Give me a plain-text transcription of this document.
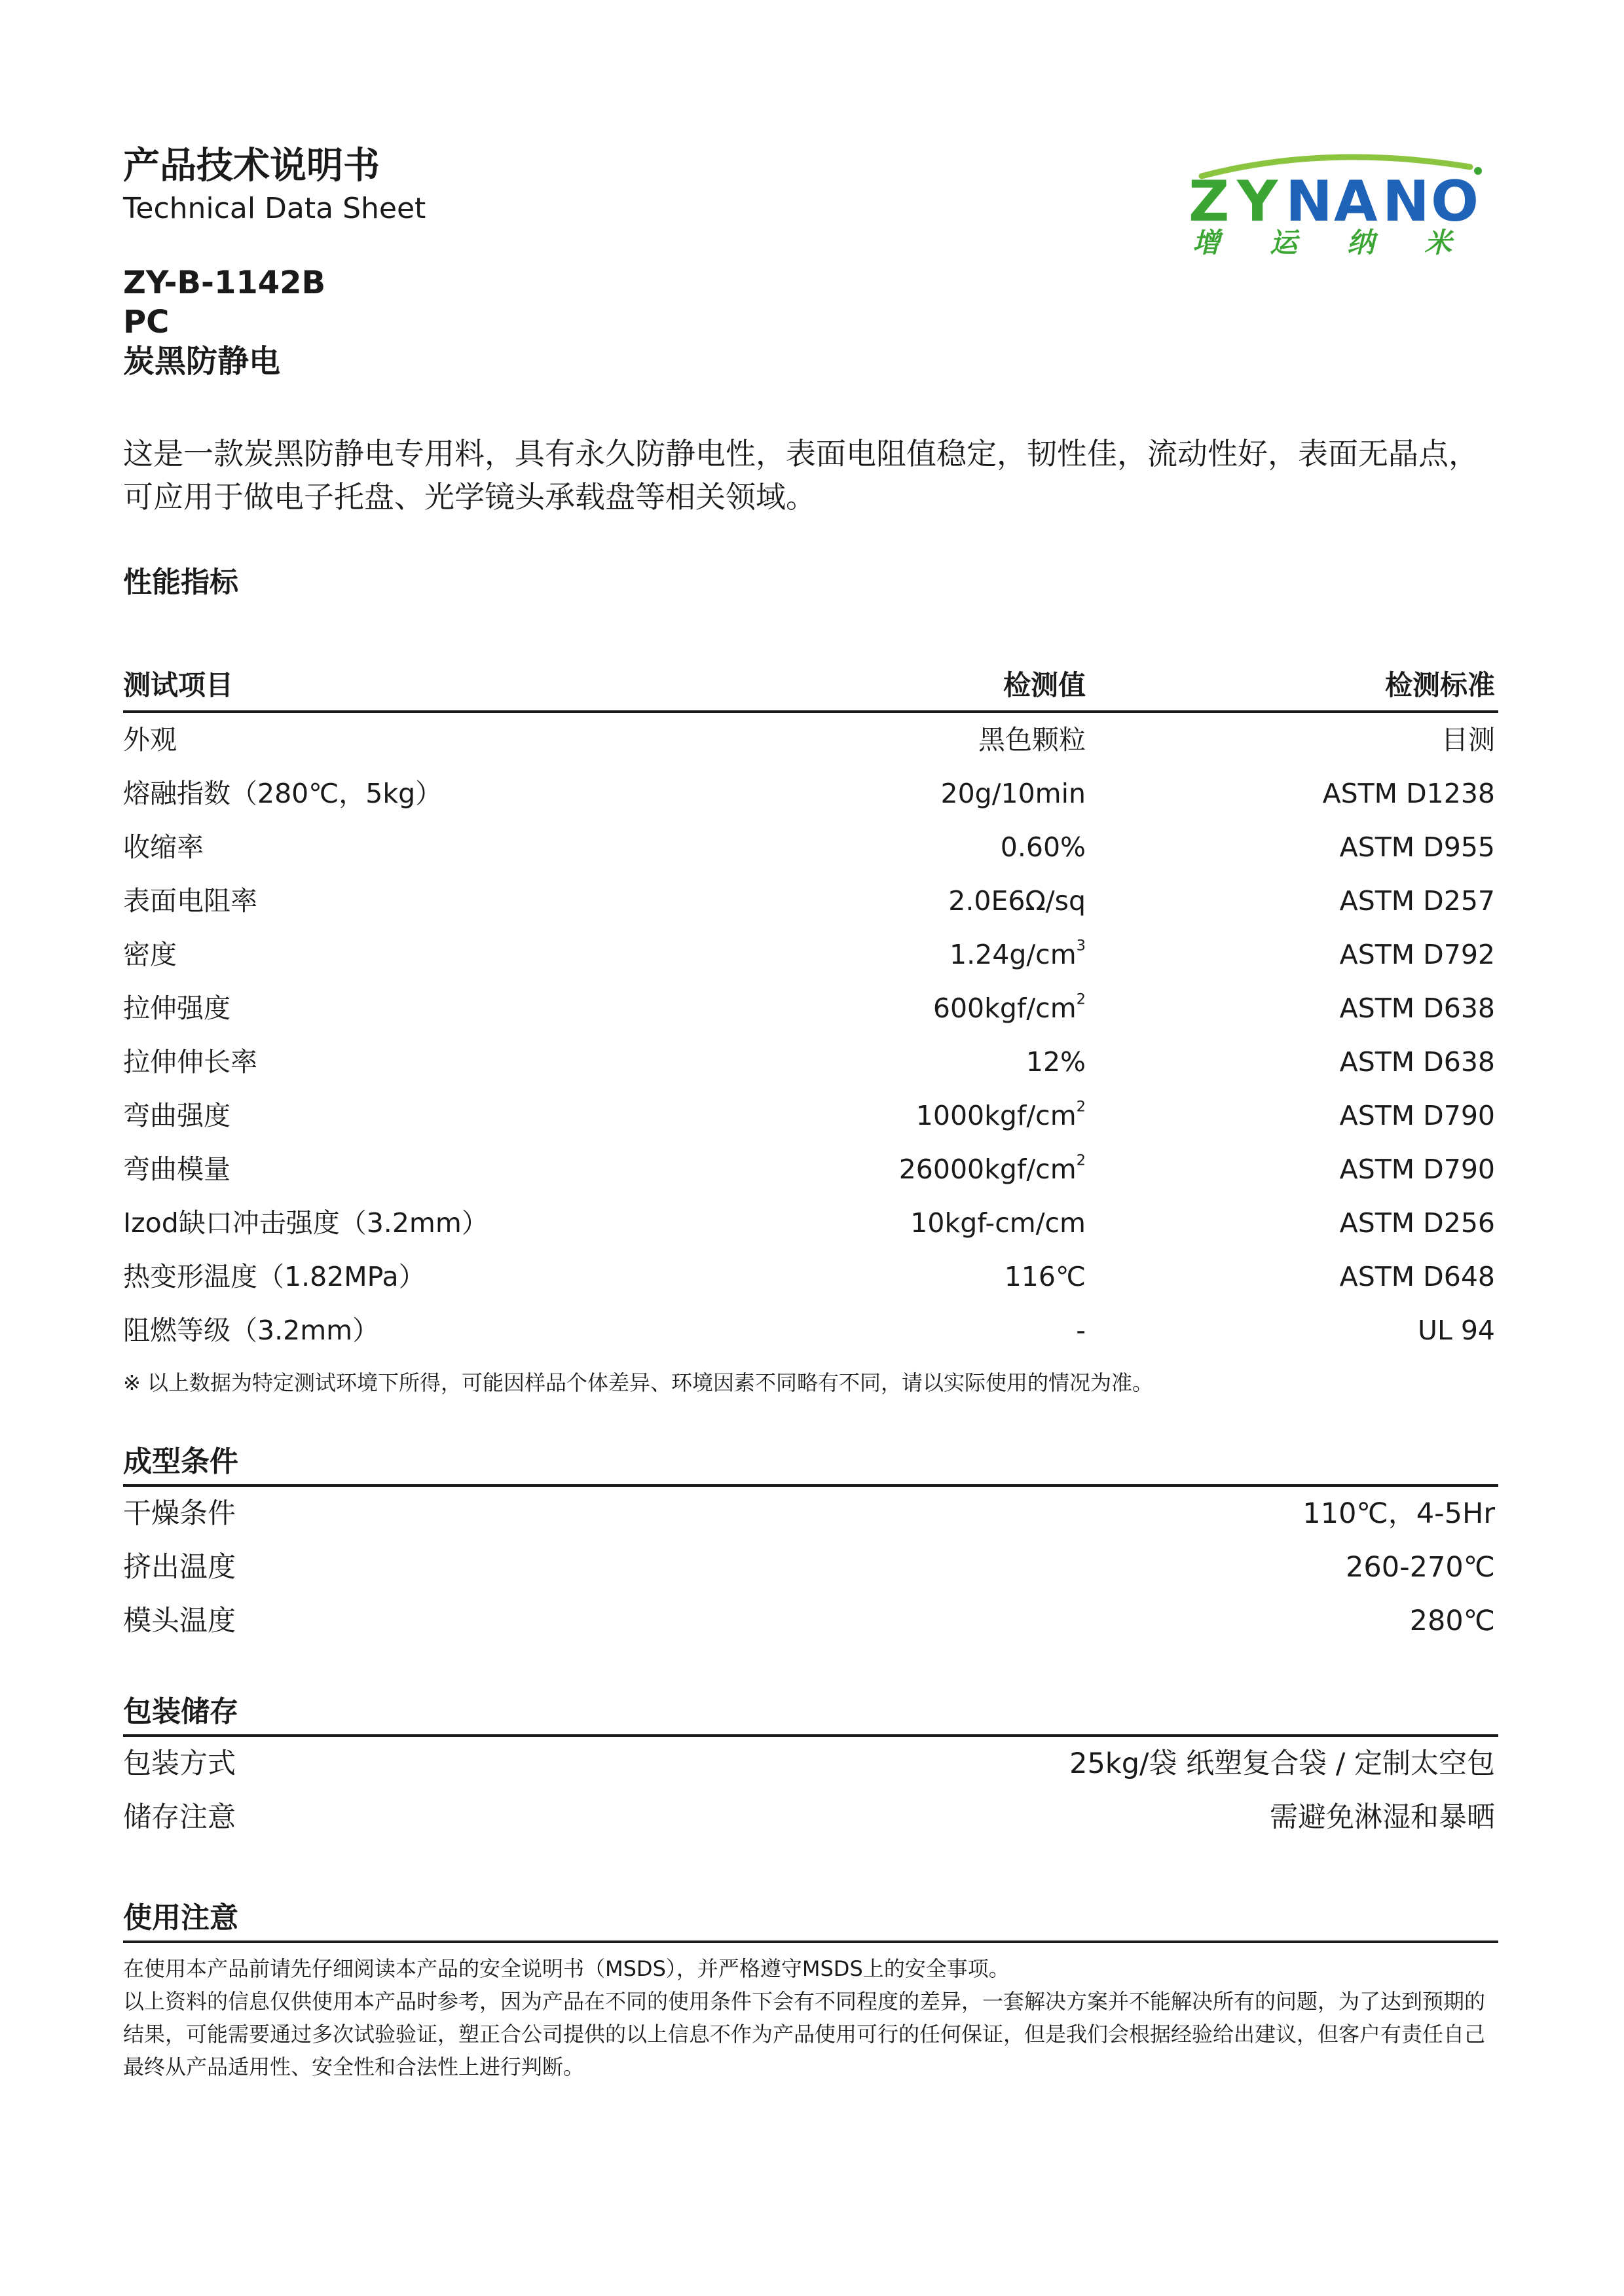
产品技术说明书
Technical Data Sheet	Z Y N A N O
增 运 纳 米
ZY-B-1142B
PC
炭黑防静电
这是一款炭黑防静电专用料，具有永久防静电性，表面电阻值稳定，韧性佳，流动性好，表面无晶点，可应用于做电子托盘、光学镜头承载盘等相关领域。
性能指标
测试项目	检测值	检测标准
外观	黑色颗粒	目测
熔融指数（280℃，5kg）	20g/10min	ASTM D1238
收缩率	0.60%	ASTM D955
表面电阻率	2.0E6Ω/sq	ASTM D257
密度	$1.24g/cm^3$	ASTM D792
拉伸强度	$600kgf/cm^2$	ASTM D638
拉伸伸长率	12%	ASTM D638
弯曲强度	$1000kgf/cm^2$	ASTM D790
弯曲模量	$26000kgf/cm^2$	ASTM D790
Izod缺口冲击强度（3.2mm）	10kgf-cm/cm	ASTM D256
热变形温度（1.82MPa）	116℃	ASTM D648
阻燃等级（3.2mm）	-	UL 94
※ 以上数据为特定测试环境下所得，可能因样品个体差异、环境因素不同略有不同，请以实际使用的情况为准。
成型条件
干燥条件	110℃，4-5Hr
挤出温度	260-270℃
模头温度	280℃
包装储存
包装方式	25kg/袋 纸塑复合袋 / 定制太空包
储存注意	需避免淋湿和暴晒
使用注意
在使用本产品前请先仔细阅读本产品的安全说明书（MSDS），并严格遵守MSDS上的安全事项。
以上资料的信息仅供使用本产品时参考，因为产品在不同的使用条件下会有不同程度的差异，一套解决方案并不能解决所有的问题，为了达到预期的结果，可能需要通过多次试验验证，塑正合公司提供的以上信息不作为产品使用可行的任何保证，但是我们会根据经验给出建议，但客户有责任自己最终从产品适用性、安全性和合法性上进行判断。
